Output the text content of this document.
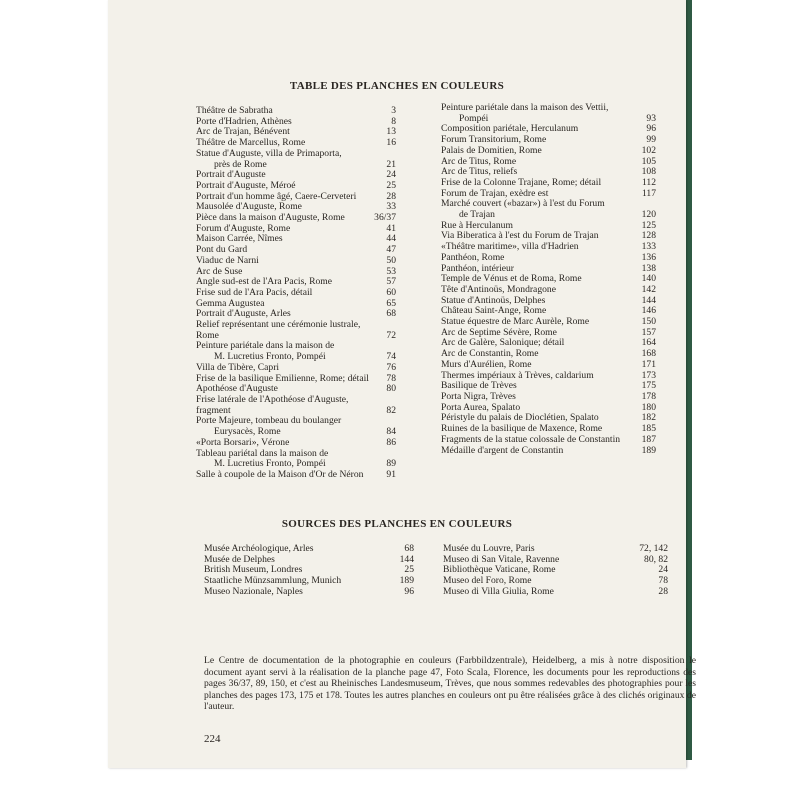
TABLE DES PLANCHES EN COULEURS
Théâtre de Sabratha	3
Porte d'Hadrien, Athènes	8
Arc de Trajan, Bénévent	13
Théâtre de Marcellus, Rome	16
Statue d'Auguste, villa de Primaporta,
près de Rome	21
Portrait d'Auguste	24
Portrait d'Auguste, Méroé	25
Portrait d'un homme âgé, Caere-Cerveteri	28
Mausolée d'Auguste, Rome	33
Pièce dans la maison d'Auguste, Rome	36/37
Forum d'Auguste, Rome	41
Maison Carrée, Nîmes	44
Pont du Gard	47
Viaduc de Narni	50
Arc de Suse	53
Angle sud-est de l'Ara Pacis, Rome	57
Frise sud de l'Ara Pacis, détail	60
Gemma Augustea	65
Portrait d'Auguste, Arles	68
Relief représentant une cérémonie lustrale, Rome	72
Peinture pariétale dans la maison de
M. Lucretius Fronto, Pompéi	74
Villa de Tibère, Capri	76
Frise de la basilique Emilienne, Rome; détail	78
Apothéose d'Auguste	80
Frise latérale de l'Apothéose d'Auguste, fragment	82
Porte Majeure, tombeau du boulanger
Eurysacès, Rome	84
«Porta Borsari», Vérone	86
Tableau pariétal dans la maison de
M. Lucretius Fronto, Pompéi	89
Salle à coupole de la Maison d'Or de Néron	91
Peinture pariétale dans la maison des Vettii,
Pompéi	93
Composition pariétale, Herculanum	96
Forum Transitorium, Rome	99
Palais de Domitien, Rome	102
Arc de Titus, Rome	105
Arc de Titus, reliefs	108
Frise de la Colonne Trajane, Rome; détail	112
Forum de Trajan, exèdre est	117
Marché couvert («bazar») à l'est du Forum
de Trajan	120
Rue à Herculanum	125
Via Biberatica à l'est du Forum de Trajan	128
«Théâtre maritime», villa d'Hadrien	133
Panthéon, Rome	136
Panthéon, intérieur	138
Temple de Vénus et de Roma, Rome	140
Tête d'Antinoüs, Mondragone	142
Statue d'Antinoüs, Delphes	144
Château Saint-Ange, Rome	146
Statue équestre de Marc Aurèle, Rome	150
Arc de Septime Sévère, Rome	157
Arc de Galère, Salonique; détail	164
Arc de Constantin, Rome	168
Murs d'Aurélien, Rome	171
Thermes impériaux à Trèves, caldarium	173
Basilique de Trèves	175
Porta Nigra, Trèves	178
Porta Aurea, Spalato	180
Péristyle du palais de Dioclétien, Spalato	182
Ruines de la basilique de Maxence, Rome	185
Fragments de la statue colossale de Constantin	187
Médaille d'argent de Constantin	189
SOURCES DES PLANCHES EN COULEURS
Musée Archéologique, Arles	68
Musée de Delphes	144
British Museum, Londres	25
Staatliche Münzsammlung, Munich	189
Museo Nazionale, Naples	96
Musée du Louvre, Paris	72, 142
Museo di San Vitale, Ravenne	80, 82
Bibliothèque Vaticane, Rome	24
Museo del Foro, Rome	78
Museo di Villa Giulia, Rome	28

Le Centre de documentation de la photographie en couleurs (Farbbildzentrale), Heidelberg, a mis à notre disposition le document ayant servi à la réalisation de la planche page 47, Foto Scala, Florence, les documents pour les reproductions des pages 36/37, 89, 150, et c'est au Rheinisches Landesmuseum, Trèves, que nous sommes redevables des photographies pour les planches des pages 173, 175 et 178. Toutes les autres planches en couleurs ont pu être réalisées grâce à des clichés originaux de l'auteur.

224
